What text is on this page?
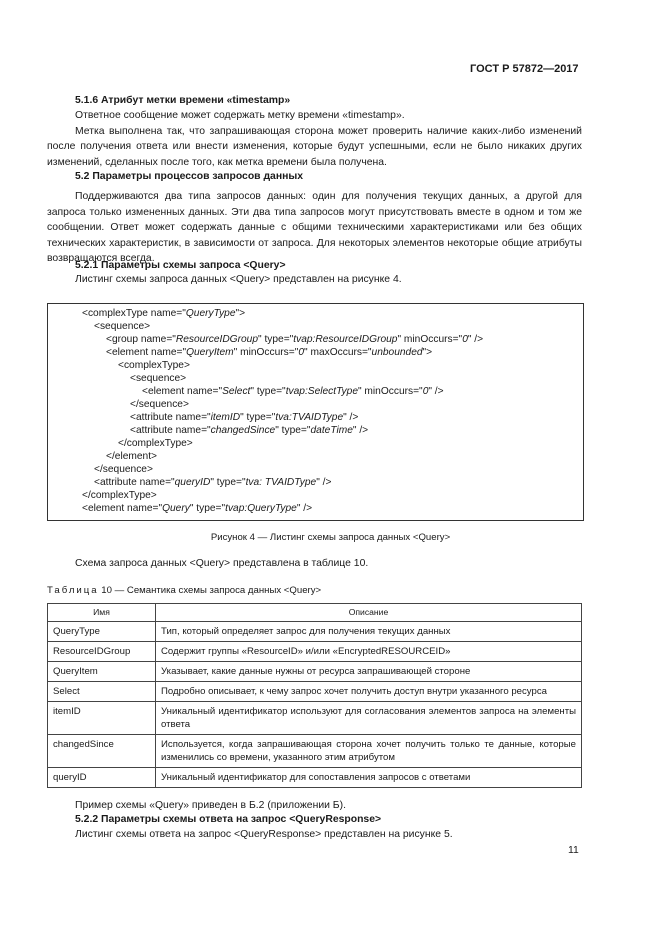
ГОСТ Р 57872—2017
5.1.6 Атрибут метки времени «timestamp»

Ответное сообщение может содержать метку времени «timestamp».

Метка выполнена так, что запрашивающая сторона может проверить наличие каких-либо изменений после получения ответа или внести изменения, которые будут успешными, если не было никаких других изменений, сделанных после того, как метка времени была получена.

5.2 Параметры процессов запросов данных

Поддерживаются два типа запросов данных: один для получения текущих данных, а другой для запроса только измененных данных. Эти два типа запросов могут присутствовать вместе в одном и том же сообщении. Ответ может содержать данные с общими техническими характеристиками или без общих технических характеристик, в зависимости от запроса. Для некоторых элементов некоторые общие атрибуты возвращаются всегда.

5.2.1 Параметры схемы запроса <Query>
Листинг схемы запроса данных <Query> представлен на рисунке 4.
<complexType name="QueryType">
<sequence>
<group name="ResourceIDGroup" type="tvap:ResourceIDGroup" minOccurs="0" />
<element name="QueryItem" minOccurs="0" maxOccurs="unbounded">
<complexType>
<sequence>
<element name="Select" type="tvap:SelectType" minOccurs="0" />
</sequence>
<attribute name="itemID" type="tva:TVAIDType" />
<attribute name="changedSince" type="dateTime" />
</complexType>
</element>
</sequence>
<attribute name="queryID" type="tva: TVAIDType" />
</complexType>
<element name="Query" type="tvap:QueryType" />
Рисунок 4 — Листинг схемы запроса данных <Query>
Схема запроса данных <Query> представлена в таблице 10.
Таблица 10 — Семантика схемы запроса данных <Query>
Имя	Описание
QueryType	Тип, который определяет запрос для получения текущих данных
ResourceIDGroup	Содержит группы «ResourceID» и/или «EncryptedRESOURCEID»
QueryItem	Указывает, какие данные нужны от ресурса запрашивающей стороне
Select	Подробно описывает, к чему запрос хочет получить доступ внутри указанного ресурса
itemID	Уникальный идентификатор используют для согласования элементов запроса на элементы ответа
changedSince	Используется, когда запрашивающая сторона хочет получить только те данные, которые изменились со времени, указанного этим атрибутом
queryID	Уникальный идентификатор для сопоставления запросов с ответами
Пример схемы «Query» приведен в Б.2 (приложении Б).
5.2.2 Параметры схемы ответа на запрос <QueryResponse>
Листинг схемы ответа на запрос <QueryResponse> представлен на рисунке 5.
11
